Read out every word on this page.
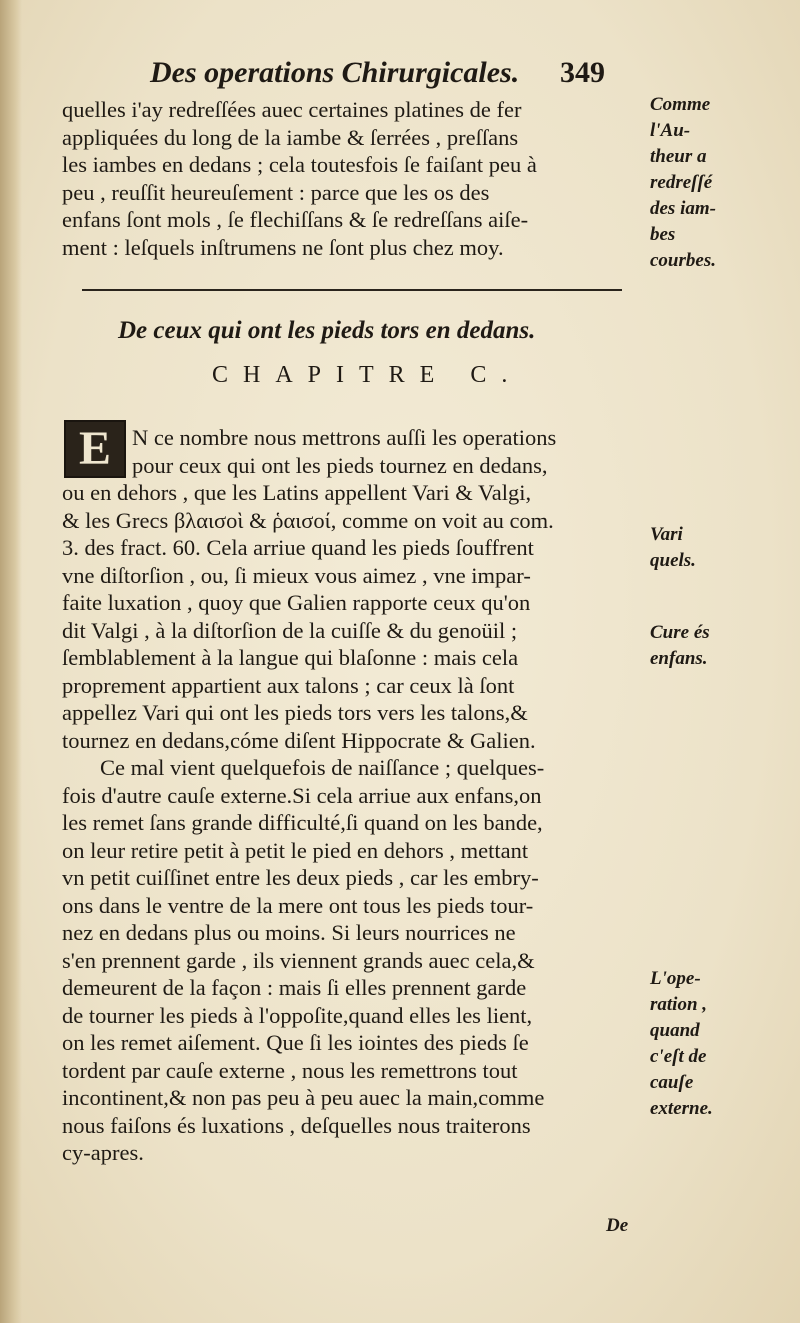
Des operations Chirurgicales. 349
quelles i'ay redreſſées auec certaines platines de fer
appliquées du long de la iambe & ſerrées , preſſans
les iambes en dedans ; cela toutesfois ſe faiſant peu à
peu , reuſſit heureuſement : parce que les os des
enfans ſont mols , ſe flechiſſans & ſe redreſſans aiſe-
ment : leſquels inſtrumens ne ſont plus chez moy.
De ceux qui ont les pieds tors en dedans.
CHAPITRE C.
E N ce nombre nous mettrons auſſi les operations
pour ceux qui ont les pieds tournez en dedans,
ou en dehors , que les Latins appellent Vari & Valgi,
& les Grecs βλαισοὶ & ῥαισοί, comme on voit au com.
3. des fract. 60. Cela arriue quand les pieds ſouffrent
vne diſtorſion , ou, ſi mieux vous aimez , vne impar-
faite luxation , quoy que Galien rapporte ceux qu'on
dit Valgi , à la diſtorſion de la cuiſſe & du genoüil ;
ſemblablement à la langue qui blaſonne : mais cela
proprement appartient aux talons ; car ceux là ſont
appellez Vari qui ont les pieds tors vers les talons,&
tournez en dedans,cóme diſent Hippocrate & Galien.
Ce mal vient quelquefois de naiſſance ; quelques-
fois d'autre cauſe externe.Si cela arriue aux enfans,on
les remet ſans grande difficulté,ſi quand on les bande,
on leur retire petit à petit le pied en dehors , mettant
vn petit cuiſſinet entre les deux pieds , car les embry-
ons dans le ventre de la mere ont tous les pieds tour-
nez en dedans plus ou moins. Si leurs nourrices ne
s'en prennent garde , ils viennent grands auec cela,&
demeurent de la façon : mais ſi elles prennent garde
de tourner les pieds à l'oppoſite,quand elles les lient,
on les remet aiſement. Que ſi les iointes des pieds ſe
tordent par cauſe externe , nous les remettrons tout
incontinent,& non pas peu à peu auec la main,comme
nous faiſons és luxations , deſquelles nous traiterons
cy-apres.
De
Comme
l'Au-
theur a
redreſſé
des iam-
bes
courbes.
Vari
quels.
Cure és
enfans.
L'ope-
ration ,
quand
c'eſt de
cauſe
externe.
